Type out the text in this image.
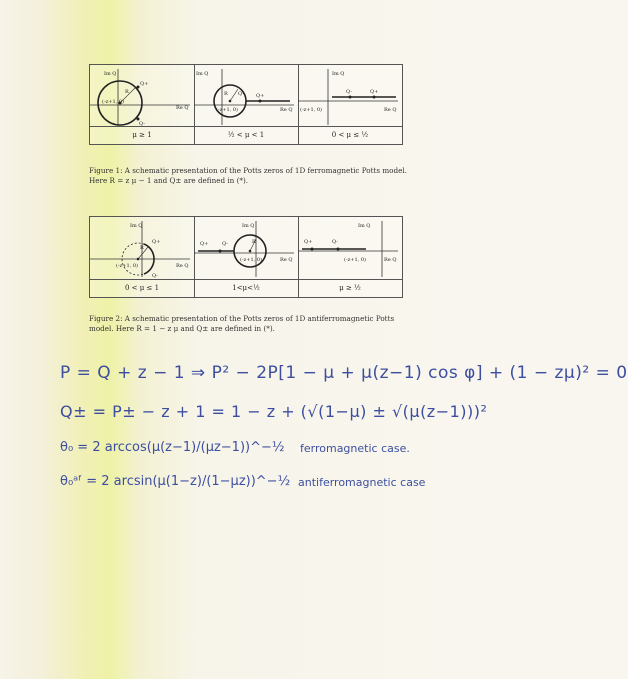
Im Q
Re Q
R
Q+
Q-
(-z+1, 0)
μ ≥ 1
Im Q
Re Q
R	Q+
Q-
(-z+1, 0)
½ < μ < 1
Im Q
Re Q
Q-	Q+
(-z+1, 0)
0 < μ ≤ ½
Figure 1: A schematic presentation of the Potts zeros of 1D ferromagnetic Potts model. Here R = z μ − 1 and Q± are defined in (*).
Im Q
Re Q
R
Q+
Q-
(-z+1, 0)
0 < μ ≤ 1
Im Q
Re Q
R
Q+	Q-
(-z+1, 0)
1<μ<½
Im Q
Re Q
Q+	Q-
(-z+1, 0)
μ ≥ ½
Figure 2: A schematic presentation of the Potts zeros of 1D antiferromagnetic Potts model. Here R = 1 − z μ and Q± are defined in (*).
P = Q + z − 1 ⇒ P² − 2P[1 − μ + μ(z−1) cos φ] + (1 − zμ)² = 0
Q± = P± − z + 1 = 1 − z + (√(1−μ) ± √(μ(z−1)))²
θ₀ = 2 arccos(μ(z−1)/(μz−1))^−½ ferromagnetic case.
θ₀ᵃᶠ = 2 arcsin(μ(1−z)/(1−μz))^−½ antiferromagnetic case
